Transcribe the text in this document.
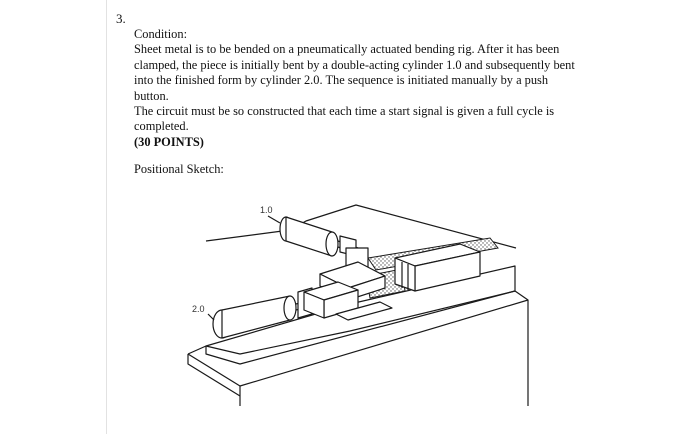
3.

Condition:

Sheet metal is to be bended on a pneumatically actuated bending rig. After it has been

clamped, the piece is initially bent by a double-acting cylinder 1.0 and subsequently bent

into the finished form by cylinder 2.0. The sequence is initiated manually by a push

button.

The circuit must be so constructed that each time a start signal is given a full cycle is

completed.

(30 POINTS)

Positional Sketch:
1.0
2.0
